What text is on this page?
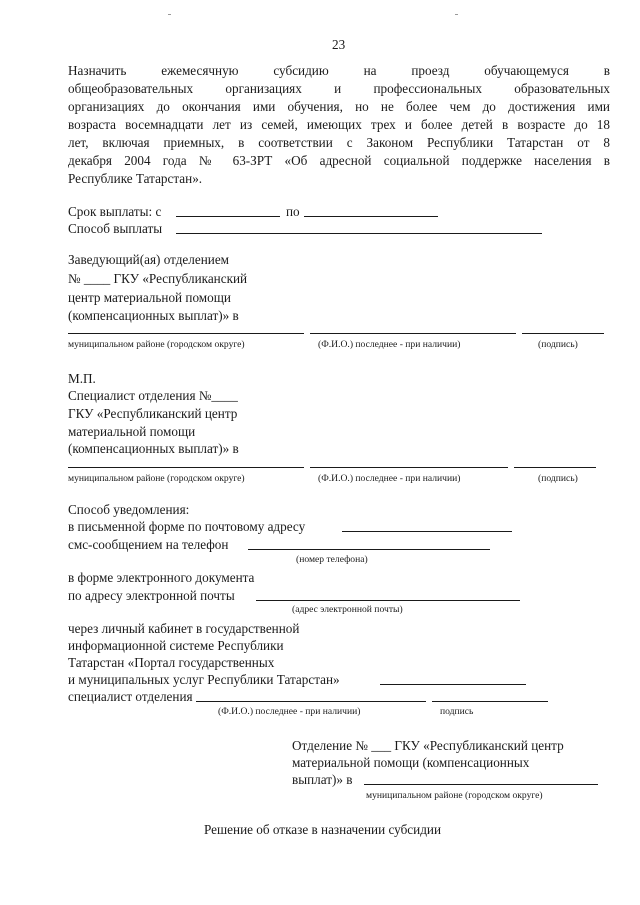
23
Назначить ежемесячную субсидию на проезд обучающемуся в
общеобразовательных организациях и профессиональных образовательных
организациях до окончания ими обучения, но не более чем до достижения ими
возраста восемнадцати лет из семей, имеющих трех и более детей в возрасте до 18
лет, включая приемных, в соответствии с Законом Республики Татарстан от 8
декабря 2004 года № 63-ЗРТ «Об адресной социальной поддержке населения в
Республике Татарстан».
Срок выплаты: с	по
Способ выплаты
Заведующий(ая) отделением
№ ____ ГКУ «Республиканский
центр материальной помощи
(компенсационных выплат)» в
муниципальном районе (городском округе)	(Ф.И.О.) последнее - при наличии)	(подпись)
М.П.
Специалист отделения №____
ГКУ «Республиканский центр
материальной помощи
(компенсационных выплат)» в
муниципальном районе (городском округе)	(Ф.И.О.) последнее - при наличии)	(подпись)
Способ уведомления:
в письменной форме по почтовому адресу
смс-сообщением на телефон
(номер телефона)
в форме электронного документа
по адресу электронной почты
(адрес электронной почты)
через личный кабинет в государственной
информационной системе Республики
Татарстан «Портал государственных
и муниципальных услуг Республики Татарстан»
специалист отделения
(Ф.И.О.) последнее - при наличии)	подпись
Отделение № ___ ГКУ «Республиканский центр
материальной помощи (компенсационных
выплат)» в
муниципальном районе (городском округе)
Решение об отказе в назначении субсидии
